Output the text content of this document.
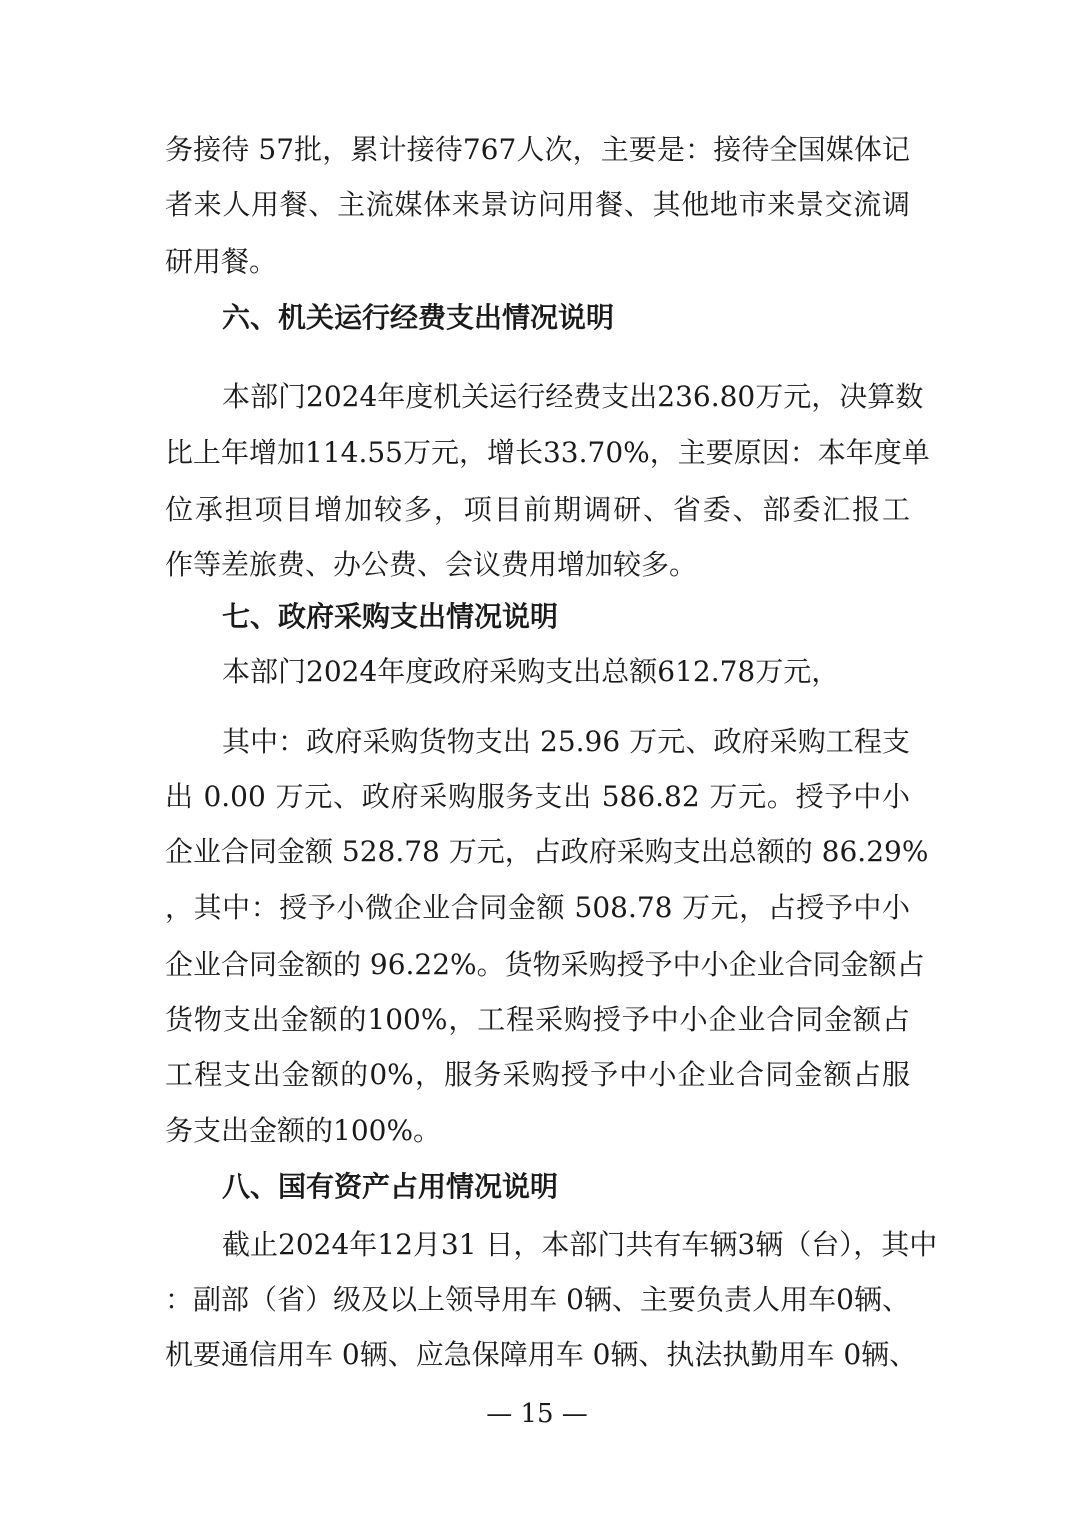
务接待 57批，累计接待767人次，主要是：接待全国媒体记
者来人用餐、主流媒体来景访问用餐、其他地市来景交流调
研用餐。
六、机关运行经费支出情况说明
本部门2024年度机关运行经费支出236.80万元，决算数
比上年增加114.55万元，增长33.70%，主要原因：本年度单
位承担项目增加较多，项目前期调研、省委、部委汇报工
作等差旅费、办公费、会议费用增加较多。
七、政府采购支出情况说明
本部门2024年度政府采购支出总额612.78万元，
其中：政府采购货物支出 25.96 万元、政府采购工程支
出 0.00 万元、政府采购服务支出 586.82 万元。授予中小
企业合同金额 528.78 万元，占政府采购支出总额的 86.29%
，其中：授予小微企业合同金额 508.78 万元，占授予中小
企业合同金额的 96.22%。货物采购授予中小企业合同金额占
货物支出金额的100%，工程采购授予中小企业合同金额占
工程支出金额的0%，服务采购授予中小企业合同金额占服
务支出金额的100%。
八、国有资产占用情况说明
截止2024年12月31 日，本部门共有车辆3辆（台），其中
：副部（省）级及以上领导用车 0辆、主要负责人用车0辆、
机要通信用车 0辆、应急保障用车 0辆、执法执勤用车 0辆、
— 15 —
